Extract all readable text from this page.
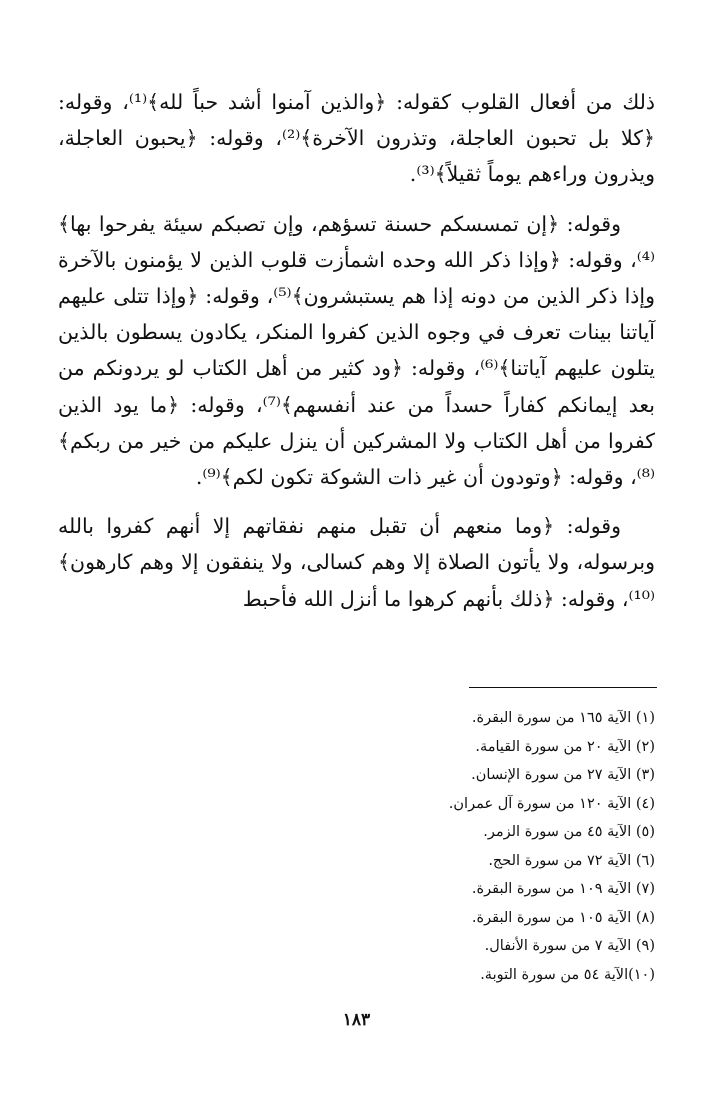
ذلك من أفعال القلوب كقوله: ﴿والذين آمنوا أشد حباً لله﴾⁽¹⁾، وقوله: ﴿كلا بل تحبون العاجلة، وتذرون الآخرة﴾⁽²⁾، وقوله: ﴿يحبون العاجلة، ويذرون وراءهم يوماً ثقيلاً﴾⁽³⁾.

وقوله: ﴿إن تمسسكم حسنة تسؤهم، وإن تصبكم سيئة يفرحوا بها﴾⁽⁴⁾، وقوله: ﴿وإذا ذكر الله وحده اشمأزت قلوب الذين لا يؤمنون بالآخرة وإذا ذكر الذين من دونه إذا هم يستبشرون﴾⁽⁵⁾، وقوله: ﴿وإذا تتلى عليهم آياتنا بينات تعرف في وجوه الذين كفروا المنكر، يكادون يسطون بالذين يتلون عليهم آياتنا﴾⁽⁶⁾، وقوله: ﴿ود كثير من أهل الكتاب لو يردونكم من بعد إيمانكم كفاراً حسداً من عند أنفسهم﴾⁽⁷⁾، وقوله: ﴿ما يود الذين كفروا من أهل الكتاب ولا المشركين أن ينزل عليكم من خير من ربكم﴾⁽⁸⁾، وقوله: ﴿وتودون أن غير ذات الشوكة تكون لكم﴾⁽⁹⁾.

وقوله: ﴿وما منعهم أن تقبل منهم نفقاتهم إلا أنهم كفروا بالله وبرسوله، ولا يأتون الصلاة إلا وهم كسالى، ولا ينفقون إلا وهم كارهون﴾⁽¹⁰⁾، وقوله: ﴿ذلك بأنهم كرهوا ما أنزل الله فأحبط

(١) الآية ١٦٥ من سورة البقرة.
(٢) الآية ٢٠ من سورة القيامة.
(٣) الآية ٢٧ من سورة الإنسان.
(٤) الآية ١٢٠ من سورة آل عمران.
(٥) الآية ٤٥ من سورة الزمر.
(٦) الآية ٧٢ من سورة الحج.
(٧) الآية ١٠٩ من سورة البقرة.
(٨) الآية ١٠٥ من سورة البقرة.
(٩) الآية ٧ من سورة الأنفال.
(١٠)الآية ٥٤ من سورة التوبة.
١٨٣
